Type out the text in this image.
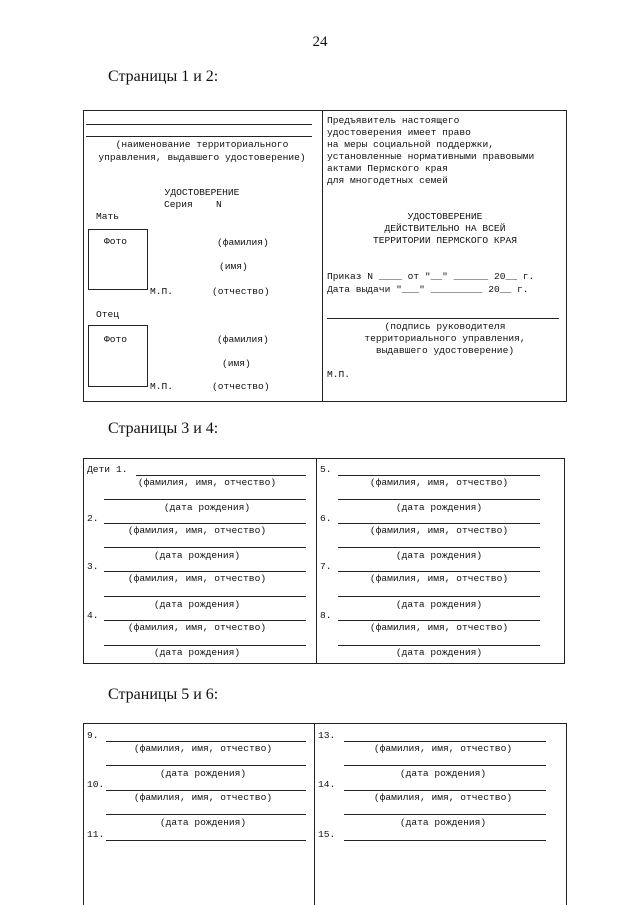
24
Страницы 1 и 2:
(наименование территориального
управления, выдавшего удостоверение)
УДОСТОВЕРЕНИЕ
Серия N
Мать
Фото	(фамилия)
(имя)
М.П.	(отчество)
Отец
Фото	(фамилия)
(имя)
М.П.	(отчество)
Предъявитель настоящего
удостоверения имеет право
на меры социальной поддержки,
установленные нормативными правовыми
актами Пермского края
для многодетных семей
УДОСТОВЕРЕНИЕ
ДЕЙСТВИТЕЛЬНО НА ВСЕЙ
ТЕРРИТОРИИ ПЕРМСКОГО КРАЯ
Приказ N ____ от "__" ______ 20__ г.
Дата выдачи "___" _________ 20__ г.
(подпись руководителя
территориального управления,
выдавшего удостоверение)
М.П.
Страницы 3 и 4:
Дети 1.
(фамилия, имя, отчество)
(дата рождения)
2.
(фамилия, имя, отчество)
(дата рождения)
3.
(фамилия, имя, отчество)
(дата рождения)
4.
(фамилия, имя, отчество)
(дата рождения)
5.
(фамилия, имя, отчество)
(дата рождения)
6.
(фамилия, имя, отчество)
(дата рождения)
7.
(фамилия, имя, отчество)
(дата рождения)
8.
(фамилия, имя, отчество)
(дата рождения)
Страницы 5 и 6:
9.
(фамилия, имя, отчество)
(дата рождения)
10.
(фамилия, имя, отчество)
(дата рождения)
11.
13.
(фамилия, имя, отчество)
(дата рождения)
14.
(фамилия, имя, отчество)
(дата рождения)
15.
